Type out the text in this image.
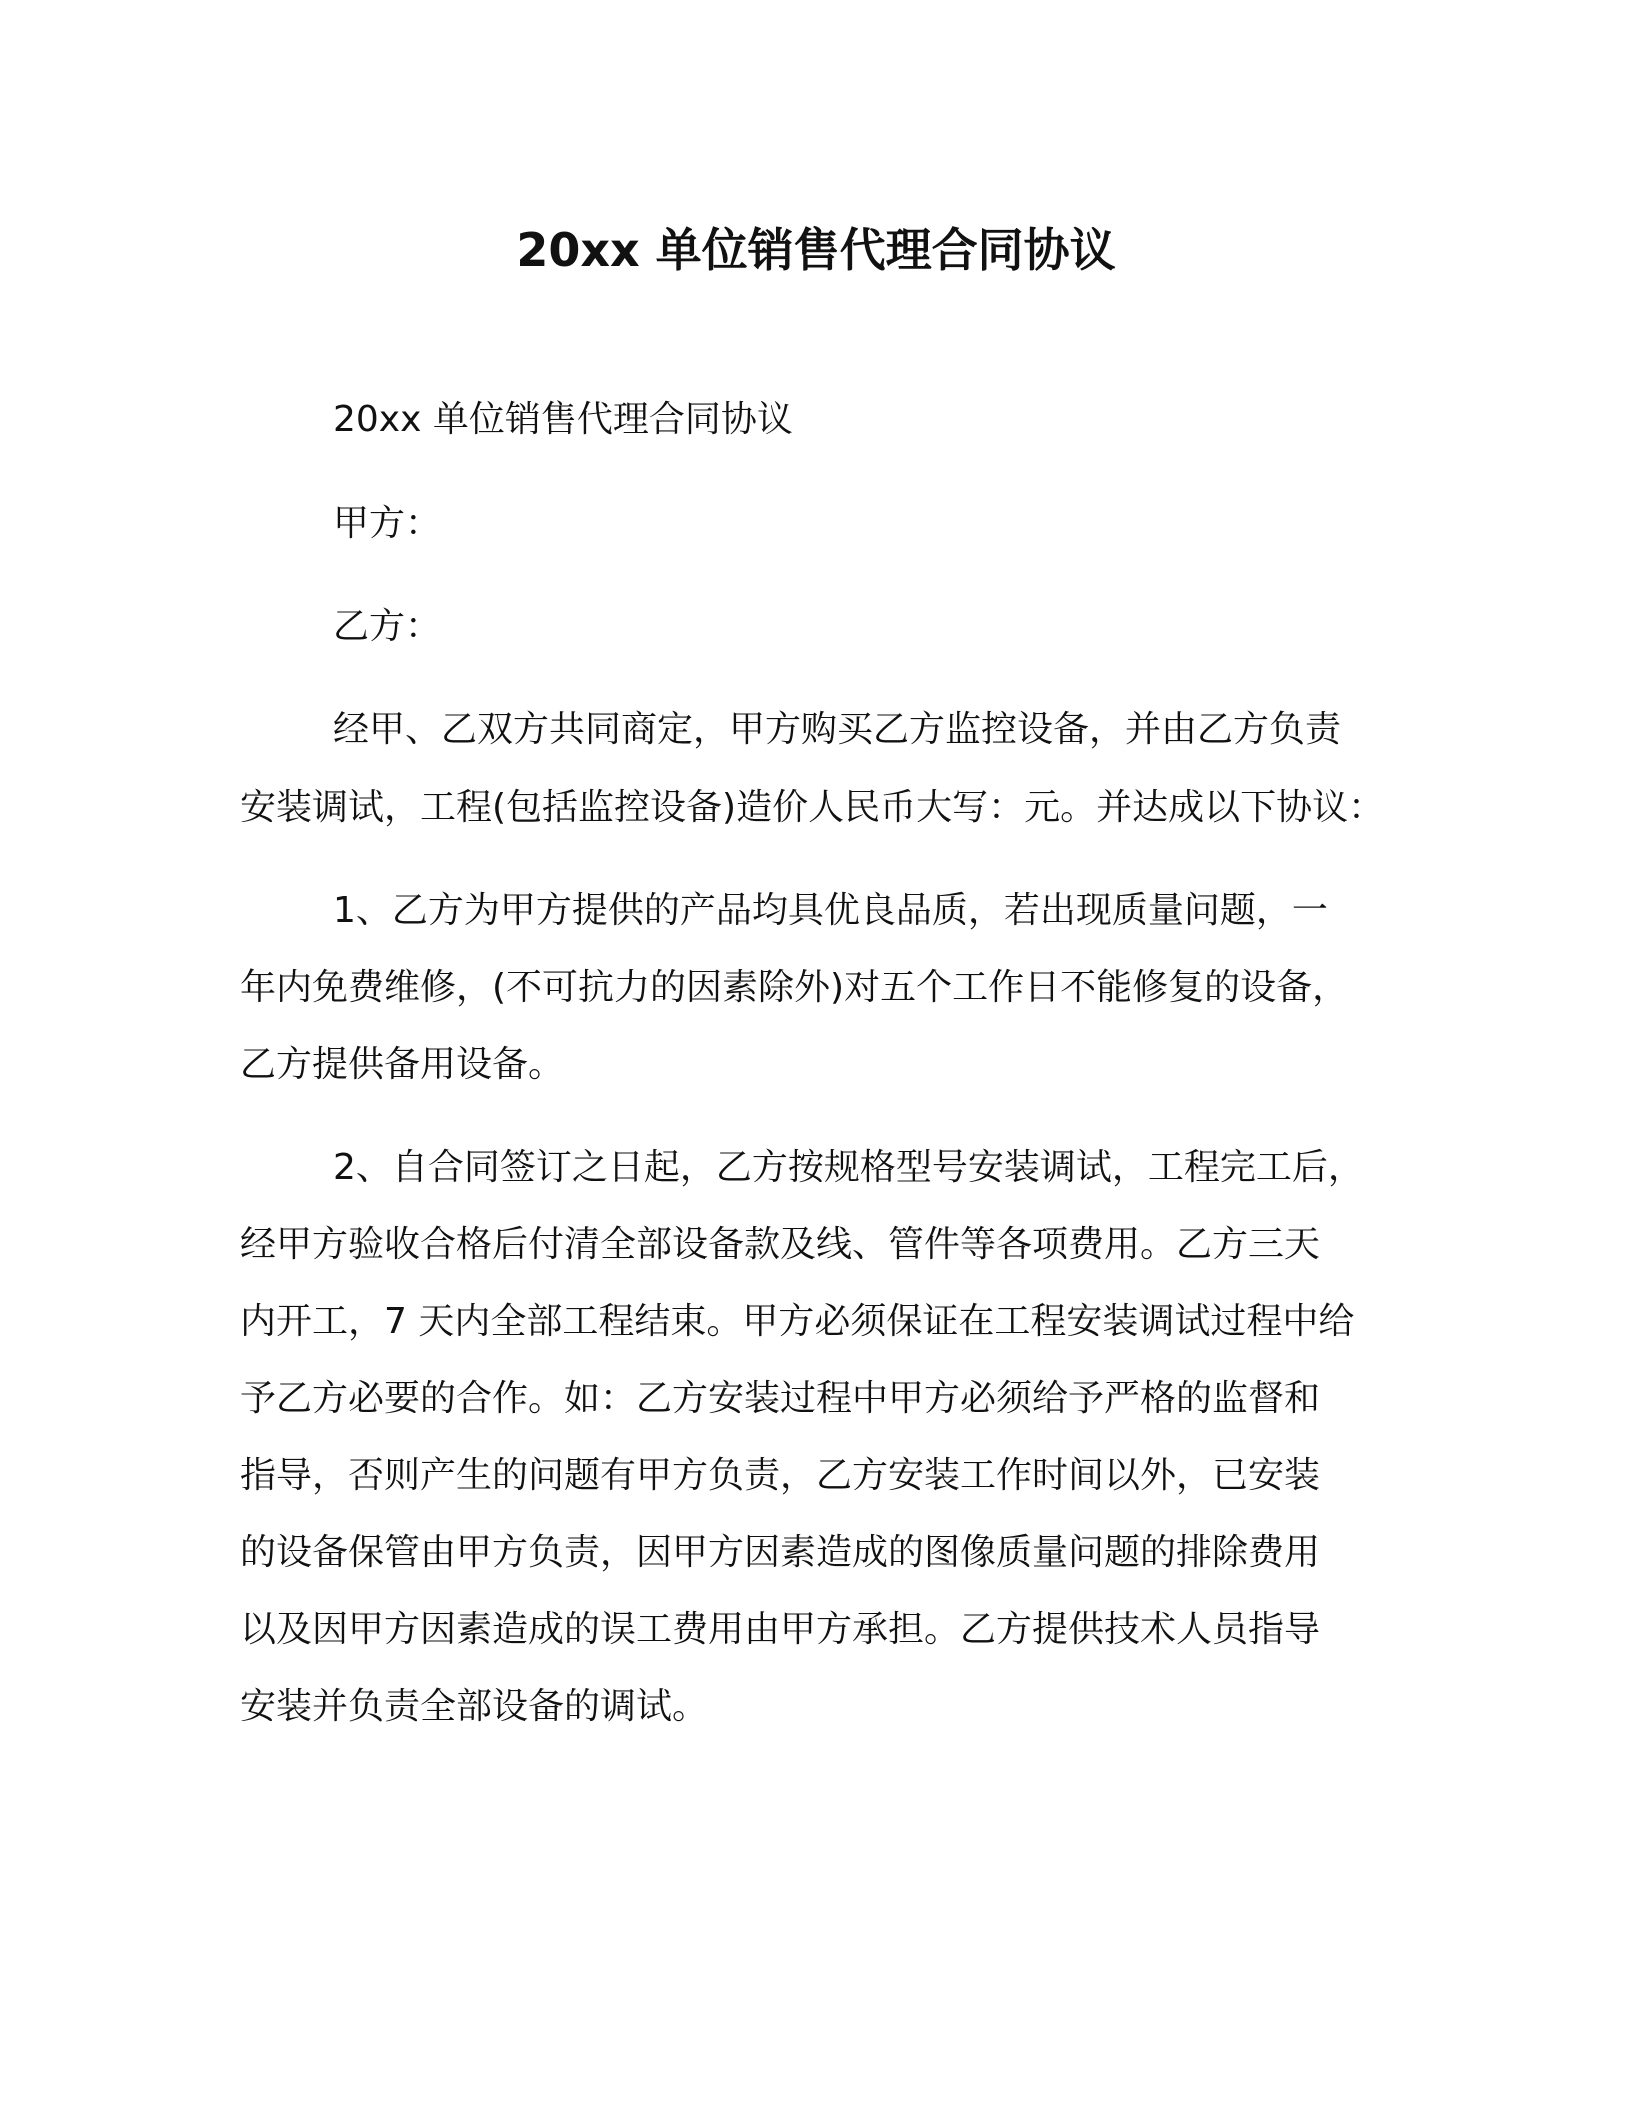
20xx 单位销售代理合同协议
20xx 单位销售代理合同协议
甲方：
乙方：
经甲、乙双方共同商定，甲方购买乙方监控设备，并由乙方负责
安装调试，工程(包括监控设备)造价人民币大写：元。并达成以下协议：
1、乙方为甲方提供的产品均具优良品质，若出现质量问题，一
年内免费维修，(不可抗力的因素除外)对五个工作日不能修复的设备，
乙方提供备用设备。
2、自合同签订之日起，乙方按规格型号安装调试，工程完工后，
经甲方验收合格后付清全部设备款及线、管件等各项费用。乙方三天
内开工，7 天内全部工程结束。甲方必须保证在工程安装调试过程中给
予乙方必要的合作。如：乙方安装过程中甲方必须给予严格的监督和
指导，否则产生的问题有甲方负责，乙方安装工作时间以外，已安装
的设备保管由甲方负责，因甲方因素造成的图像质量问题的排除费用
以及因甲方因素造成的误工费用由甲方承担。乙方提供技术人员指导
安装并负责全部设备的调试。
